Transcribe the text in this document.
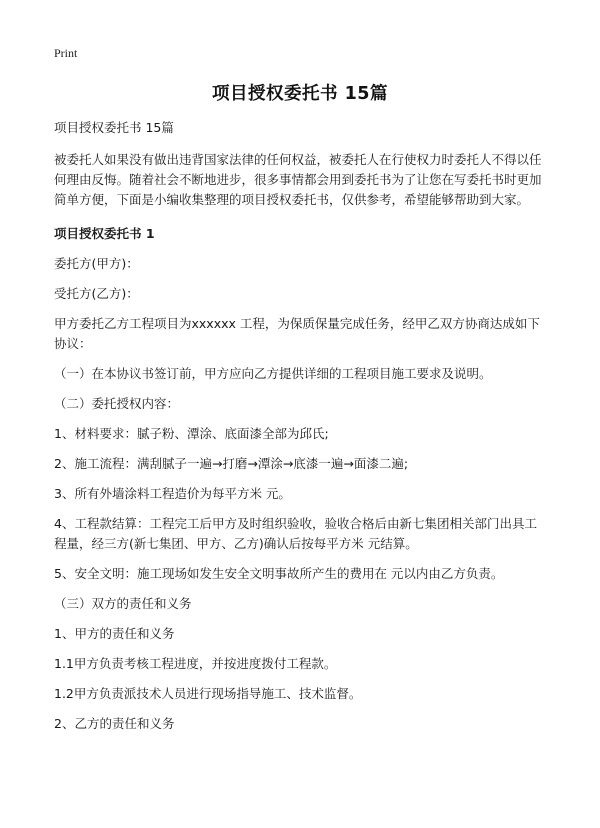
Print
项目授权委托书 15篇

项目授权委托书 15篇

被委托人如果没有做出违背国家法律的任何权益，被委托人在行使权力时委托人不得以任何理由反悔。随着社会不断地进步，很多事情都会用到委托书为了让您在写委托书时更加简单方便，下面是小编收集整理的项目授权委托书，仅供参考，希望能够帮助到大家。

项目授权委托书 1

委托方(甲方)：

受托方(乙方)：

甲方委托乙方工程项目为xxxxxx 工程，为保质保量完成任务，经甲乙双方协商达成如下协议：

（一）在本协议书签订前，甲方应向乙方提供详细的工程项目施工要求及说明。

（二）委托授权内容：

1、材料要求：腻子粉、潭涂、底面漆全部为邱氏;

2、施工流程：满刮腻子一遍→打磨→潭涂→底漆一遍→面漆二遍;

3、所有外墙涂料工程造价为每平方米 元。

4、工程款结算：工程完工后甲方及时组织验收，验收合格后由新七集团相关部门出具工程量，经三方(新七集团、甲方、乙方)确认后按每平方米 元结算。

5、安全文明：施工现场如发生安全文明事故所产生的费用在 元以内由乙方负责。

（三）双方的责任和义务

1、甲方的责任和义务

1.1甲方负责考核工程进度，并按进度拨付工程款。

1.2甲方负责派技术人员进行现场指导施工、技术监督。

2、乙方的责任和义务
